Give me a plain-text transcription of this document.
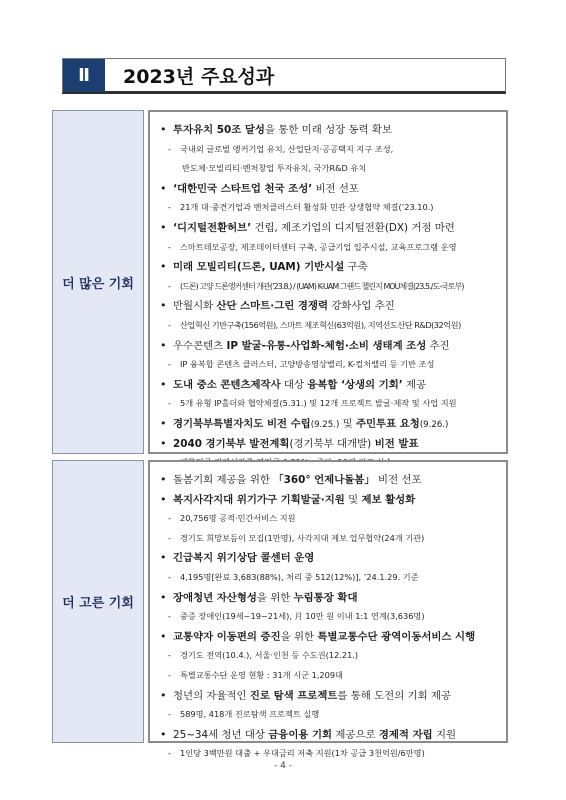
Ⅱ	2023년 주요성과
더 많은 기회
• 투자유치 50조 달성을 통한 미래 성장 동력 확보
- 국내외 글로벌 앵커기업 유치, 산업단지·공공택지 지구 조성,
반도체·모빌리티·벤처창업 투자유치, 국가R&D 유치
• ‘대한민국 스타트업 천국 조성’ 비전 선포
- 21개 대·중견기업과 벤처클러스터 활성화 민관 상생협약 체결(’23.10.)
• ‘디지털전환허브’ 건립, 제조기업의 디지털전환(DX) 거점 마련
- 스마트데모공장, 제조데이터센터 구축, 공급기업 입주시설, 교육프로그램 운영
• 미래 모빌리티(드론, UAM) 기반시설 구축
- (드론) 고양 드론앵커센터 개관(’23.8.) / (UAM) K-UAM 그랜드 챌린지 MOU체결(23.5./도-국토부)
• 반월시화 산단 스마트·그린 경쟁력 강화사업 추진
- 산업혁신 기반구축(156억원), 스마트 제조혁신(63억원), 지역선도산단 R&D(32억원)
• 우수콘텐츠 IP 발굴-유통-사업화-체험·소비 생태계 조성 추진
- IP 융복합 콘텐츠 클러스터, 고양방송영상밸리, K-컬처밸리 등 기반 조성
• 도내 중소 콘텐츠제작사 대상 융복합 ‘상생의 기회’ 제공
- 5개 유형 IP홀더와 협약체결(5.31.) 및 12개 프로젝트 발굴·제작 및 사업 지원
• 경기북부특별자치도 비전 수립(9.25.) 및 주민투표 요청(9.26.)
• 2040 경기북부 발전계획(경기북부 대개발) 비전 발표
더 고른 기회
• 돌봄기회 제공을 위한 「360° 언제나돌봄」 비전 선포
• 복지사각지대 위기가구 기획발굴·지원 및 제보 활성화
- 20,756명 공적·민간서비스 지원
- 경기도 희망보듬이 모집(1만명), 사각지대 제보 업무협약(24개 기관)
• 긴급복지 위기상담 콜센터 운영
- 4,195명[완료 3,683(88%), 처리 중 512(12%)], ’24.1.29. 기준
• 장애청년 자산형성을 위한 누림통장 확대
- 중증 장애인(19세~19~21세), 月 10만 원 이내 1:1 연계(3,636명)
• 교통약자 이동편의 증진을 위한 특별교통수단 광역이동서비스 시행
- 경기도 전역(10.4.), 서울·인천 등 수도권(12.21.)
- 특별교통수단 운영 현황 : 31개 시군 1,209대
• 청년의 자율적인 진로 탐색 프로젝트를 통해 도전의 기회 제공
- 589명, 418개 진로탐색 프로젝트 실행
• 25~34세 청년 대상 금융이용 기회 제공으로 경제적 자립 지원
- 1인당 3백만원 대출 + 우대금리 저축 지원(1차 공급 3천억원/6만명)
- 4 -
